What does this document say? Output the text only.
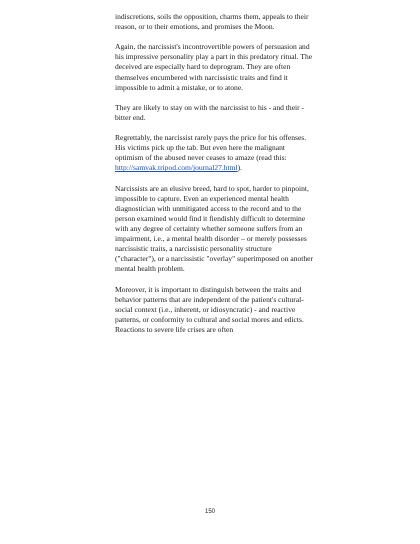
indiscretions, soils the opposition, charms them, appeals to their reason, or to their emotions, and promises the Moon.

Again, the narcissist's incontrovertible powers of persuasion and his impressive personality play a part in this predatory ritual. The deceived are especially hard to deprogram. They are often themselves encumbered with narcissistic traits and find it impossible to admit a mistake, or to atone.

They are likely to stay on with the narcissist to his - and their - bitter end.

Regrettably, the narcissist rarely pays the price for his offenses. His victims pick up the tab. But even here the malignant optimism of the abused never ceases to amaze (read this: http://samvak.tripod.com/journal27.html).

Narcissists are an elusive breed, hard to spot, harder to pinpoint, impossible to capture. Even an experienced mental health diagnostician with unmitigated access to the record and to the person examined would find it fiendishly difficult to determine with any degree of certainty whether someone suffers from an impairment, i.e., a mental health disorder – or merely possesses narcissistic traits, a narcissistic personality structure ("character"), or a narcissistic "overlay" superimposed on another mental health problem.

Moreover, it is important to distinguish between the traits and behavior patterns that are independent of the patient's cultural-social context (i.e., inherent, or idiosyncratic) - and reactive patterns, or conformity to cultural and social mores and edicts. Reactions to severe life crises are often

150
